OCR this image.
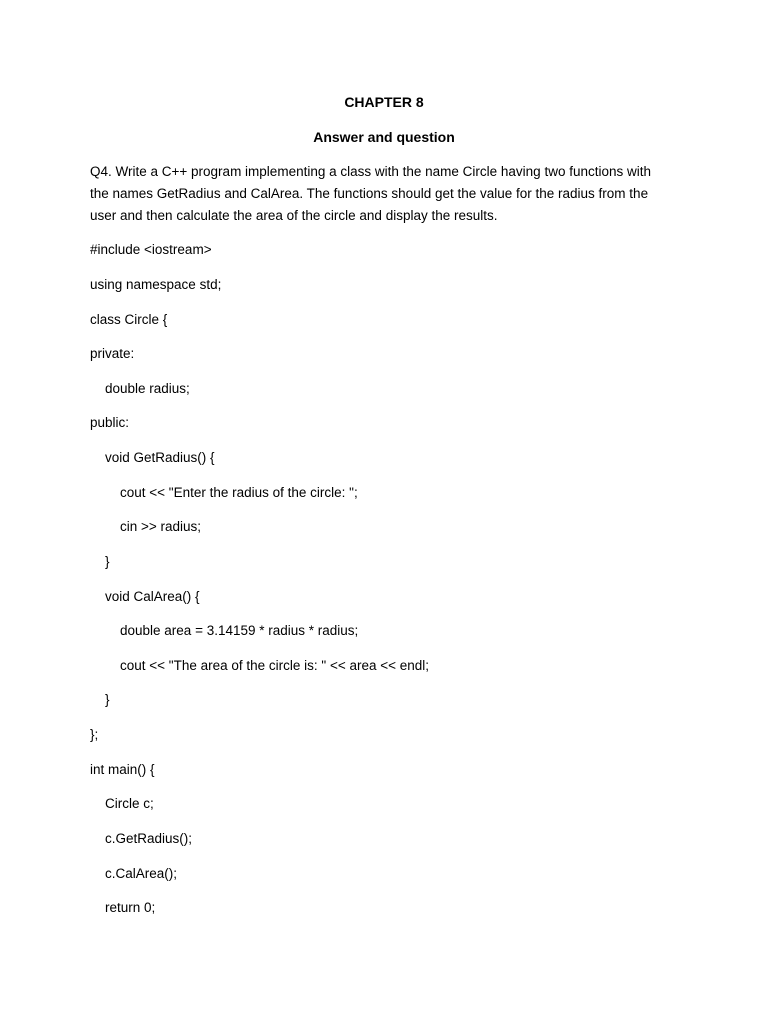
CHAPTER 8
Answer and question

Q4. Write a C++ program implementing a class with the name Circle having two functions with

the names GetRadius and CalArea. The functions should get the value for the radius from the

user and then calculate the area of the circle and display the results.

#include <iostream>
using namespace std;
class Circle {
private:
double radius;
public:
void GetRadius() {
cout << "Enter the radius of the circle: ";
cin >> radius;
}
void CalArea() {
double area = 3.14159 * radius * radius;
cout << "The area of the circle is: " << area << endl;
}
};
int main() {
Circle c;
c.GetRadius();
c.CalArea();
return 0;
